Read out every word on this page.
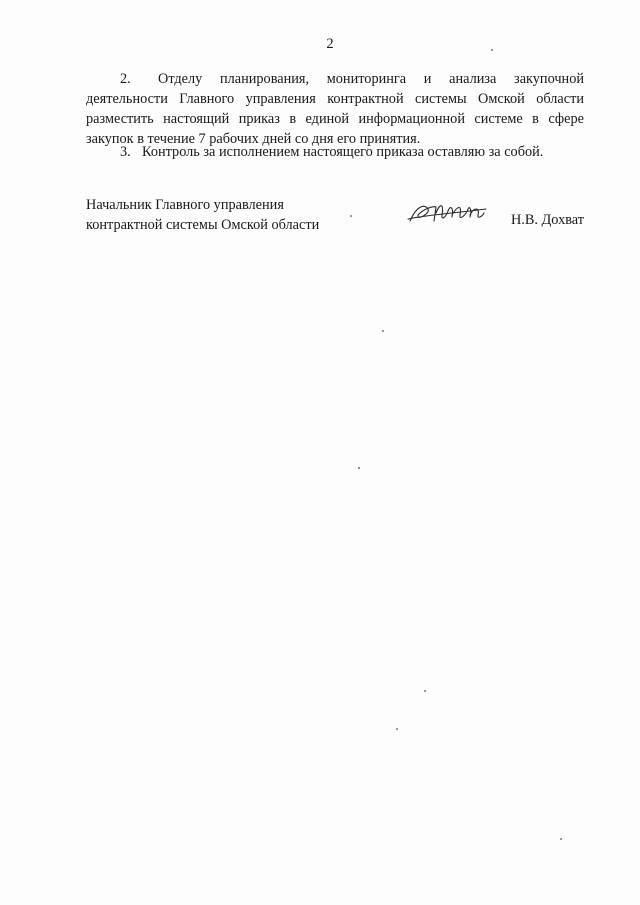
2
2. Отделу планирования, мониторинга и анализа закупочной деятельности Главного управления контрактной системы Омской области разместить настоящий приказ в единой информационной системе в сфере закупок в течение 7 рабочих дней со дня его принятия.
3. Контроль за исполнением настоящего приказа оставляю за собой.
Начальник Главного управления
контрактной системы Омской области	Н.В. Дохват
